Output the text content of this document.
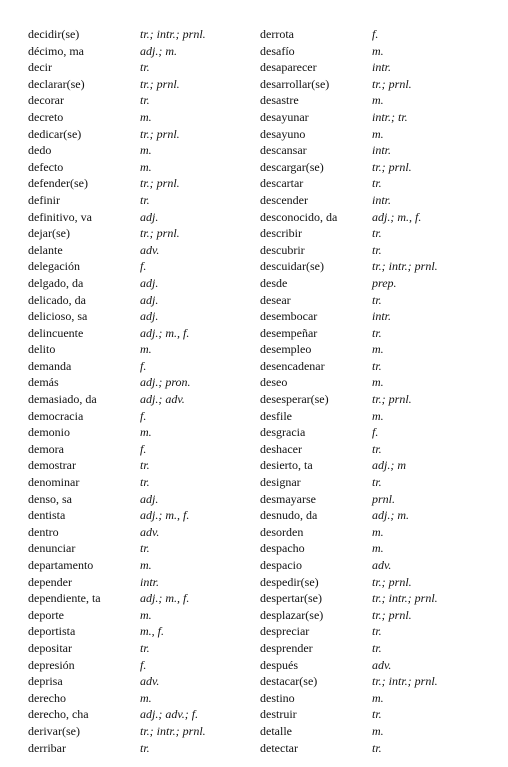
decidir(se)	tr.; intr.; prnl.
décimo, ma	adj.; m.
decir	tr.
declarar(se)	tr.; prnl.
decorar	tr.
decreto	m.
dedicar(se)	tr.; prnl.
dedo	m.
defecto	m.
defender(se)	tr.; prnl.
definir	tr.
definitivo, va	adj.
dejar(se)	tr.; prnl.
delante	adv.
delegación	f.
delgado, da	adj.
delicado, da	adj.
delicioso, sa	adj.
delincuente	adj.; m., f.
delito	m.
demanda	f.
demás	adj.; pron.
demasiado, da	adj.; adv.
democracia	f.
demonio	m.
demora	f.
demostrar	tr.
denominar	tr.
denso, sa	adj.
dentista	adj.; m., f.
dentro	adv.
denunciar	tr.
departamento	m.
depender	intr.
dependiente, ta	adj.; m., f.
deporte	m.
deportista	m., f.
depositar	tr.
depresión	f.
deprisa	adv.
derecho	m.
derecho, cha	adj.; adv.; f.
derivar(se)	tr.; intr.; prnl.
derribar	tr.
derrota	f.
desafío	m.
desaparecer	intr.
desarrollar(se)	tr.; prnl.
desastre	m.
desayunar	intr.; tr.
desayuno	m.
descansar	intr.
descargar(se)	tr.; prnl.
descartar	tr.
descender	intr.
desconocido, da	adj.; m., f.
describir	tr.
descubrir	tr.
descuidar(se)	tr.; intr.; prnl.
desde	prep.
desear	tr.
desembocar	intr.
desempeñar	tr.
desempleo	m.
desencadenar	tr.
deseo	m.
desesperar(se)	tr.; prnl.
desfile	m.
desgracia	f.
deshacer	tr.
desierto, ta	adj.; m
designar	tr.
desmayarse	prnl.
desnudo, da	adj.; m.
desorden	m.
despacho	m.
despacio	adv.
despedir(se)	tr.; prnl.
despertar(se)	tr.; intr.; prnl.
desplazar(se)	tr.; prnl.
despreciar	tr.
desprender	tr.
después	adv.
destacar(se)	tr.; intr.; prnl.
destino	m.
destruir	tr.
detalle	m.
detectar	tr.
